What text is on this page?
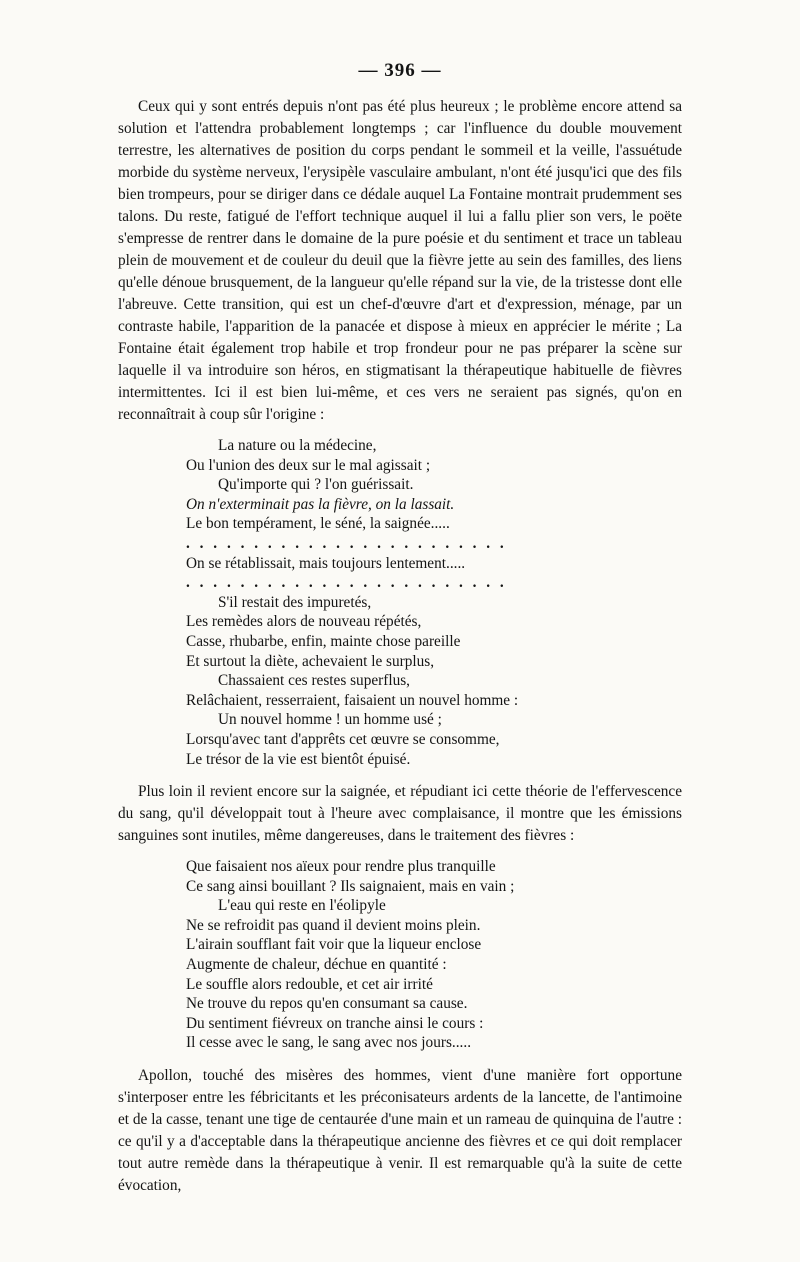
— 396 —

Ceux qui y sont entrés depuis n'ont pas été plus heureux ; le problème encore attend sa solution et l'attendra probablement longtemps ; car l'influence du double mouvement terrestre, les alternatives de position du corps pendant le sommeil et la veille, l'assuétude morbide du système nerveux, l'erysipèle vasculaire ambulant, n'ont été jusqu'ici que des fils bien trompeurs, pour se diriger dans ce dédale auquel La Fontaine montrait prudemment ses talons. Du reste, fatigué de l'effort technique auquel il lui a fallu plier son vers, le poëte s'empresse de rentrer dans le domaine de la pure poésie et du sentiment et trace un tableau plein de mouvement et de couleur du deuil que la fièvre jette au sein des familles, des liens qu'elle dénoue brusquement, de la langueur qu'elle répand sur la vie, de la tristesse dont elle l'abreuve. Cette transition, qui est un chef-d'œuvre d'art et d'expression, ménage, par un contraste habile, l'apparition de la panacée et dispose à mieux en apprécier le mérite ; La Fontaine était également trop habile et trop frondeur pour ne pas préparer la scène sur laquelle il va introduire son héros, en stigmatisant la thérapeutique habituelle de fièvres intermittentes. Ici il est bien lui-même, et ces vers ne seraient pas signés, qu'on en reconnaîtrait à coup sûr l'origine :

La nature ou la médecine,
Ou l'union des deux sur le mal agissait ;
Qu'importe qui ? l'on guérissait.
On n'exterminait pas la fièvre, on la lassait.
Le bon tempérament, le séné, la saignée.....
. . . . . . . . . . . . . . . . . . . . . . . .
On se rétablissait, mais toujours lentement.....
. . . . . . . . . . . . . . . . . . . . . . . .
S'il restait des impuretés,
Les remèdes alors de nouveau répétés,
Casse, rhubarbe, enfin, mainte chose pareille
Et surtout la diète, achevaient le surplus,
Chassaient ces restes superflus,
Relâchaient, resserraient, faisaient un nouvel homme :
Un nouvel homme ! un homme usé ;
Lorsqu'avec tant d'apprêts cet œuvre se consomme,
Le trésor de la vie est bientôt épuisé.

Plus loin il revient encore sur la saignée, et répudiant ici cette théorie de l'effervescence du sang, qu'il développait tout à l'heure avec complaisance, il montre que les émissions sanguines sont inutiles, même dangereuses, dans le traitement des fièvres :

Que faisaient nos aïeux pour rendre plus tranquille
Ce sang ainsi bouillant ? Ils saignaient, mais en vain ;
L'eau qui reste en l'éolipyle
Ne se refroidit pas quand il devient moins plein.
L'airain soufflant fait voir que la liqueur enclose
Augmente de chaleur, déchue en quantité :
Le souffle alors redouble, et cet air irrité
Ne trouve du repos qu'en consumant sa cause.
Du sentiment fiévreux on tranche ainsi le cours :
Il cesse avec le sang, le sang avec nos jours.....

Apollon, touché des misères des hommes, vient d'une manière fort opportune s'interposer entre les fébricitants et les préconisateurs ardents de la lancette, de l'antimoine et de la casse, tenant une tige de centaurée d'une main et un rameau de quinquina de l'autre : ce qu'il y a d'acceptable dans la thérapeutique ancienne des fièvres et ce qui doit remplacer tout autre remède dans la thérapeutique à venir. Il est remarquable qu'à la suite de cette évocation,
